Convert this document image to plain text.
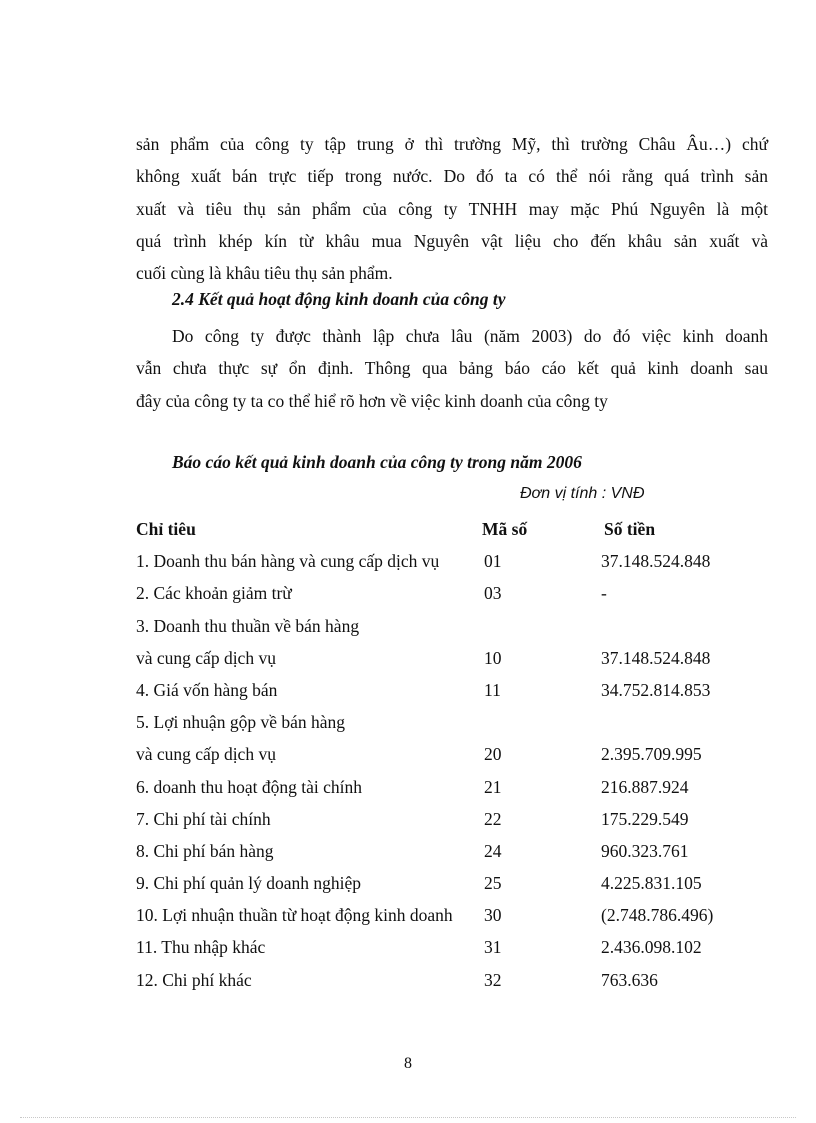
sản phẩm của công ty tập trung ở thì trường Mỹ, thì trường Châu Âu…) chứ
không xuất bán trực tiếp trong nước. Do đó ta có thể nói rằng quá trình sản
xuất và tiêu thụ sản phẩm của công ty TNHH may mặc Phú Nguyên là một
quá trình khép kín từ khâu mua Nguyên vật liệu cho đến khâu sản xuất và
cuối cùng là khâu tiêu thụ sản phẩm.

2.4 Kết quả hoạt động kinh doanh của công ty

Do công ty được thành lập chưa lâu (năm 2003) do đó việc kinh doanh
vẫn chưa thực sự ổn định. Thông qua bảng báo cáo kết quả kinh doanh sau
đây của công ty ta co thể hiể rõ hơn về việc kinh doanh của công ty

Báo cáo kết quả kinh doanh của công ty trong năm 2006

Đơn vị tính : VNĐ

Chỉ tiêu	Mã số	Số tiền
1. Doanh thu bán hàng và cung cấp dịch vụ	01	37.148.524.848
2. Các khoản giảm trừ	03	-
3. Doanh thu thuần về bán hàng
và cung cấp dịch vụ	10	37.148.524.848
4. Giá vốn hàng bán	11	34.752.814.853
5. Lợi nhuận gộp về bán hàng
và cung cấp dịch vụ	20	2.395.709.995
6. doanh thu hoạt động tài chính	21	216.887.924
7. Chi phí tài chính	22	175.229.549
8. Chi phí bán hàng	24	960.323.761
9. Chi phí quản lý doanh nghiệp	25	4.225.831.105
10. Lợi nhuận thuần từ hoạt động kinh doanh 30	(2.748.786.496)
11. Thu nhập khác	31	2.436.098.102
12. Chi phí khác	32	763.636

8
